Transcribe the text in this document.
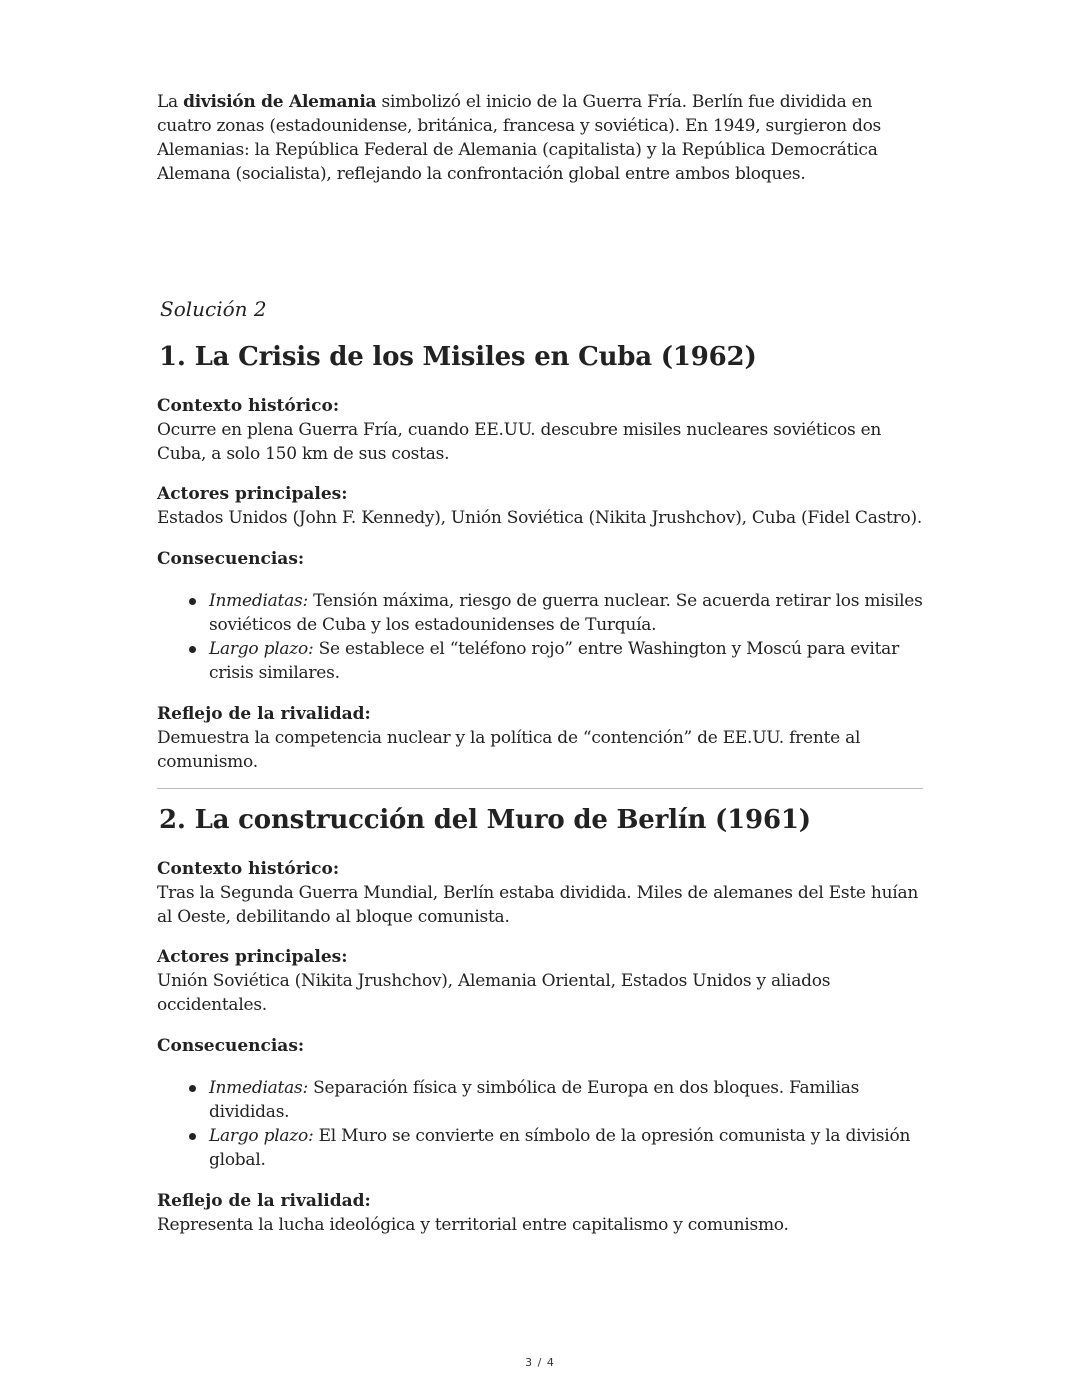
La división de Alemania simbolizó el inicio de la Guerra Fría. Berlín fue dividida en cuatro zonas (estadounidense, británica, francesa y soviética). En 1949, surgieron dos Alemanias: la República Federal de Alemania (capitalista) y la República Democrática Alemana (socialista), reflejando la confrontación global entre ambos bloques.

Solución 2

1. La Crisis de los Misiles en Cuba (1962)

Contexto histórico:

Ocurre en plena Guerra Fría, cuando EE.UU. descubre misiles nucleares soviéticos en Cuba, a solo 150 km de sus costas.

Actores principales:

Estados Unidos (John F. Kennedy), Unión Soviética (Nikita Jrushchov), Cuba (Fidel Castro).

Consecuencias:

Inmediatas: Tensión máxima, riesgo de guerra nuclear. Se acuerda retirar los misiles soviéticos de Cuba y los estadounidenses de Turquía.
Largo plazo: Se establece el “teléfono rojo” entre Washington y Moscú para evitar crisis similares.

Reflejo de la rivalidad:

Demuestra la competencia nuclear y la política de “contención” de EE.UU. frente al comunismo.

2. La construcción del Muro de Berlín (1961)

Contexto histórico:

Tras la Segunda Guerra Mundial, Berlín estaba dividida. Miles de alemanes del Este huían al Oeste, debilitando al bloque comunista.

Actores principales:

Unión Soviética (Nikita Jrushchov), Alemania Oriental, Estados Unidos y aliados occidentales.

Consecuencias:

Inmediatas: Separación física y simbólica de Europa en dos bloques. Familias divididas.
Largo plazo: El Muro se convierte en símbolo de la opresión comunista y la división global.

Reflejo de la rivalidad:

Representa la lucha ideológica y territorial entre capitalismo y comunismo.

3 / 4
